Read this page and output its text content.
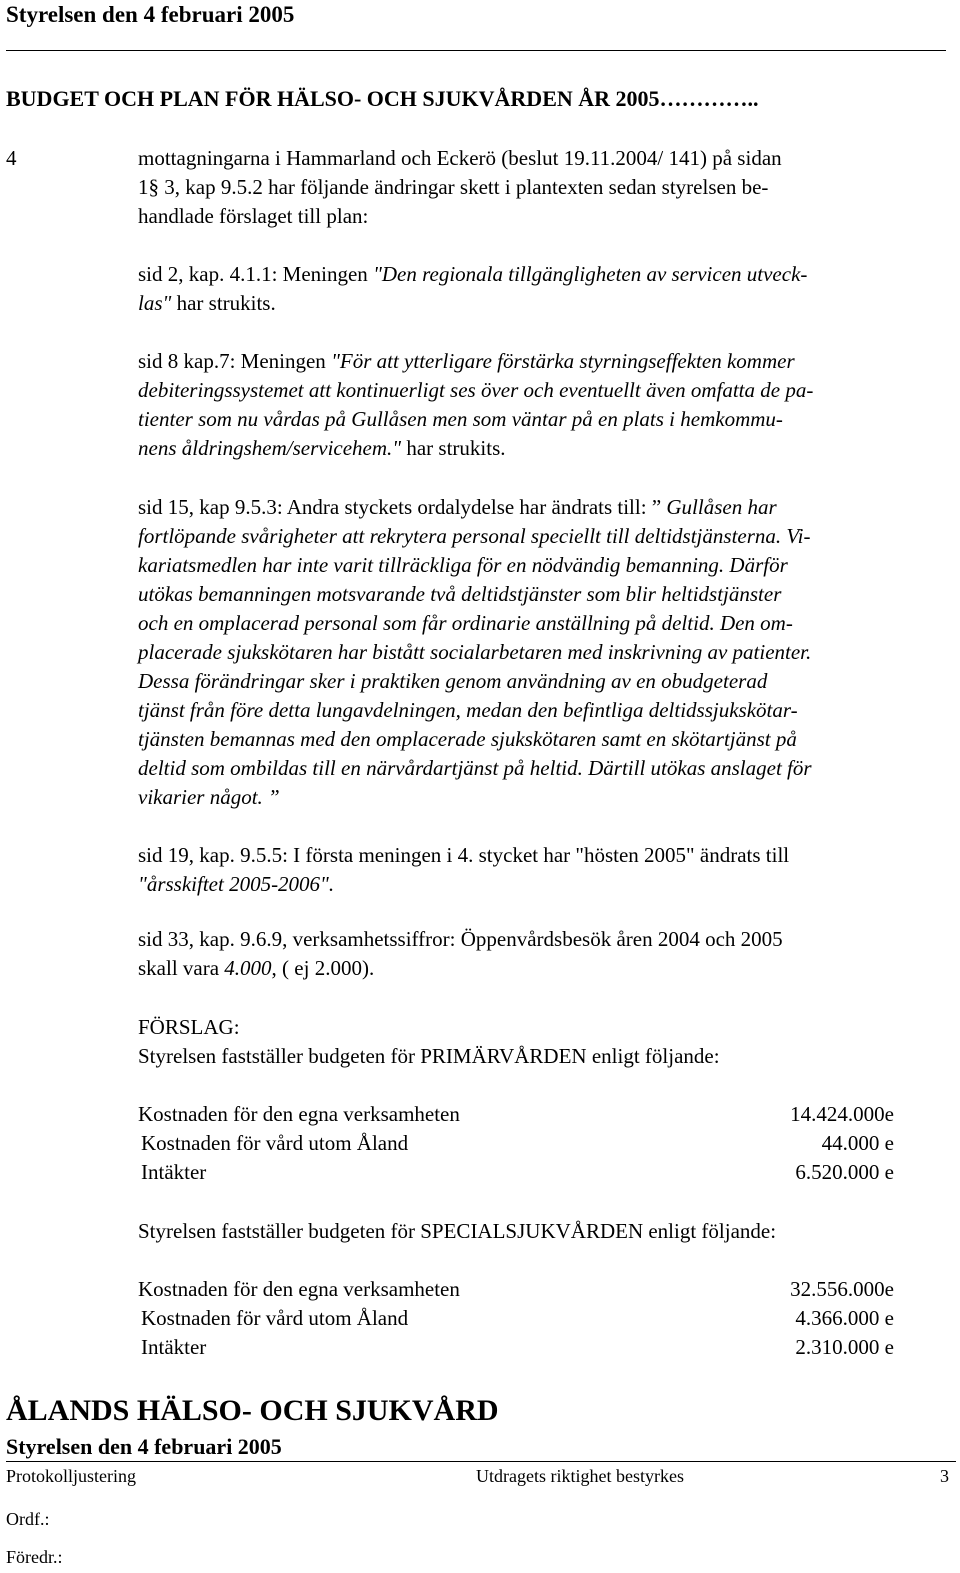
Styrelsen den 4 februari 2005
BUDGET OCH PLAN FÖR HÄLSO- OCH SJUKVÅRDEN ÅR 2005…………..
4	mottagningarna i Hammarland och Eckerö (beslut 19.11.2004/ 141) på sidan
1§ 3, kap 9.5.2 har följande ändringar skett i plantexten sedan styrelsen be-
handlade förslaget till plan:
sid 2, kap. 4.1.1: Meningen "Den regionala tillgängligheten av servicen utveck-
las" har strukits.
sid 8 kap.7: Meningen "För att ytterligare förstärka styrningseffekten kommer
debiteringssystemet att kontinuerligt ses över och eventuellt även omfatta de pa-
tienter som nu vårdas på Gullåsen men som väntar på en plats i hemkommu-
nens åldringshem/servicehem." har strukits.
sid 15, kap 9.5.3: Andra styckets ordalydelse har ändrats till: ” Gullåsen har
fortlöpande svårigheter att rekrytera personal speciellt till deltidstjänsterna. Vi-
kariatsmedlen har inte varit tillräckliga för en nödvändig bemanning. Därför
utökas bemanningen motsvarande två deltidstjänster som blir heltidstjänster
och en omplacerad personal som får ordinarie anställning på deltid. Den om-
placerade sjukskötaren har bistått socialarbetaren med inskrivning av patienter.
Dessa förändringar sker i praktiken genom användning av en obudgeterad
tjänst från före detta lungavdelningen, medan den befintliga deltidssjukskötar-
tjänsten bemannas med den omplacerade sjukskötaren samt en skötartjänst på
deltid som ombildas till en närvårdartjänst på heltid. Därtill utökas anslaget för
vikarier något. ”
sid 19, kap. 9.5.5: I första meningen i 4. stycket har "hösten 2005" ändrats till
"årsskiftet 2005-2006".
sid 33, kap. 9.6.9, verksamhetssiffror: Öppenvårdsbesök åren 2004 och 2005
skall vara 4.000, ( ej 2.000).
FÖRSLAG:
Styrelsen fastställer budgeten för PRIMÄRVÅRDEN enligt följande:
Kostnaden för den egna verksamheten	14.424.000e
Kostnaden för vård utom Åland	44.000 e
Intäkter	6.520.000 e
Styrelsen fastställer budgeten för SPECIALSJUKVÅRDEN enligt följande:
Kostnaden för den egna verksamheten	32.556.000e
Kostnaden för vård utom Åland	4.366.000 e
Intäkter	2.310.000 e
ÅLANDS HÄLSO- OCH SJUKVÅRD
Styrelsen den 4 februari 2005
Protokolljustering	Utdragets riktighet bestyrkes	3
Ordf.:
Föredr.:
